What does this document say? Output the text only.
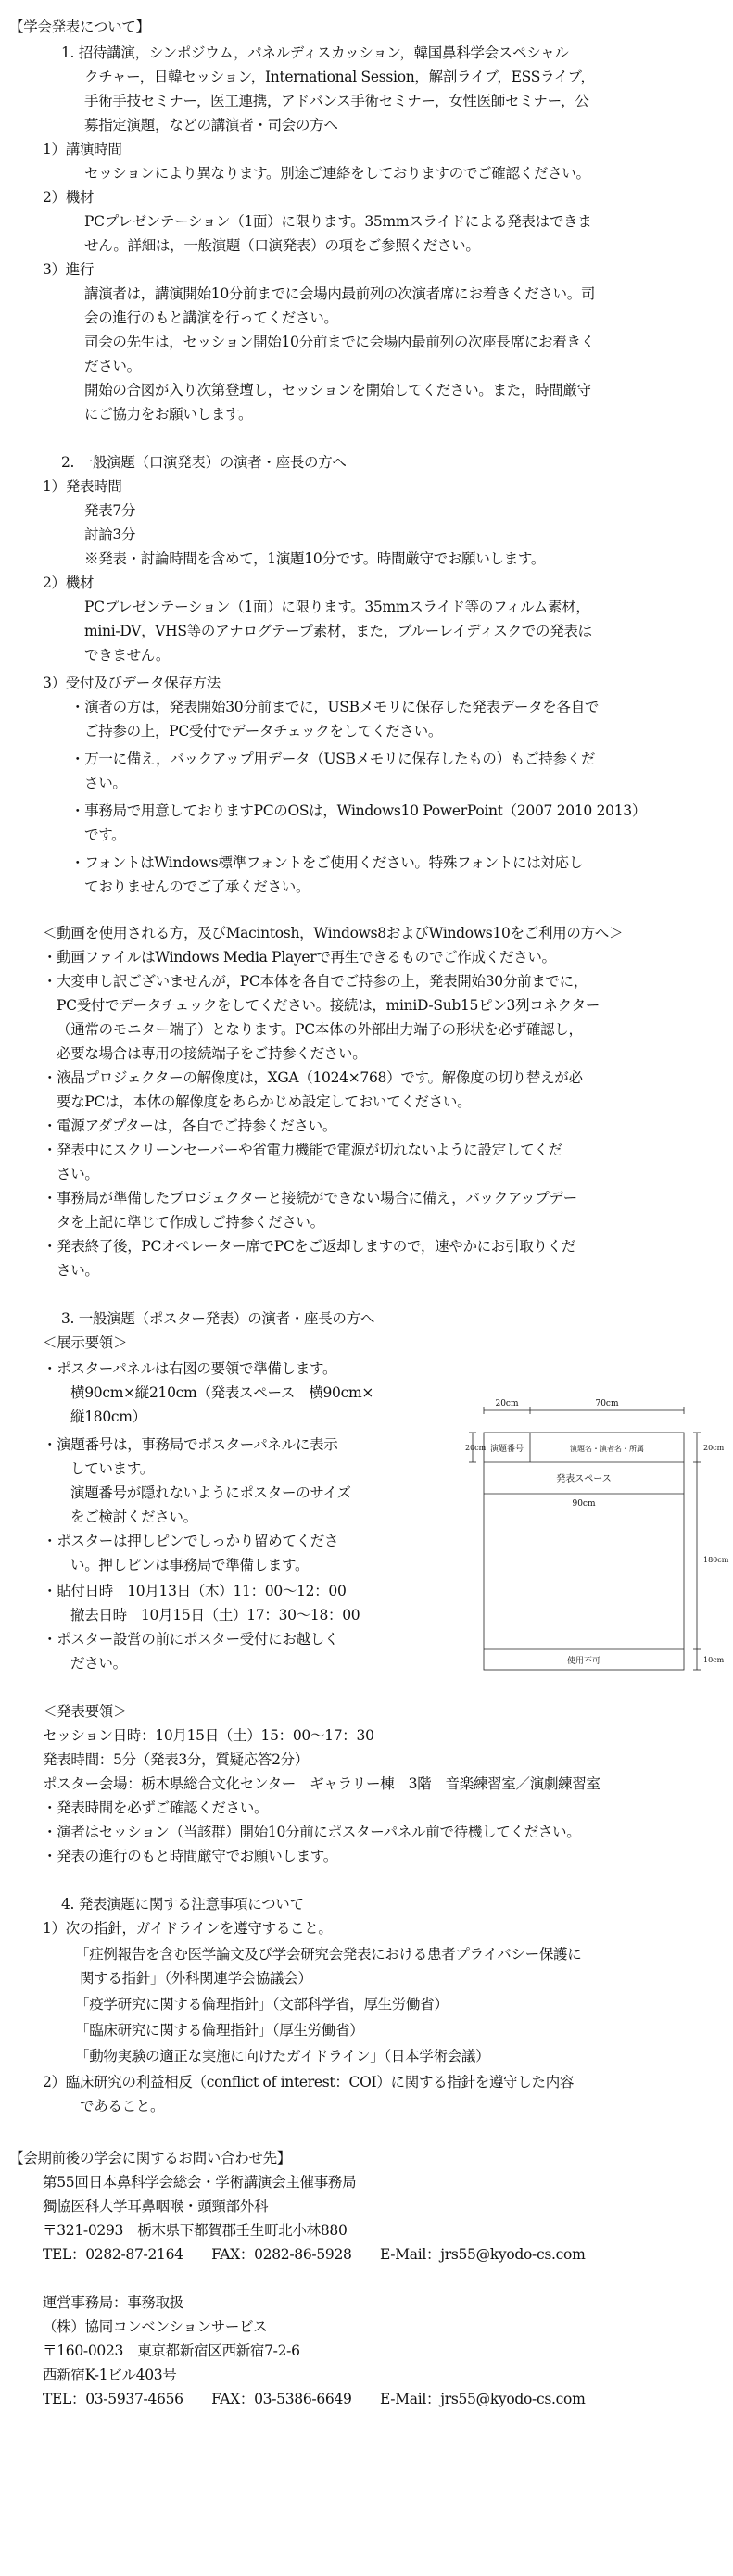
【学会発表について】
1. 招待講演，シンポジウム，パネルディスカッション，韓国鼻科学会スペシャル
クチャー，日韓セッション，International Session，解剖ライブ，ESSライブ，
手術手技セミナー，医工連携，アドバンス手術セミナー，女性医師セミナー，公
募指定演題，などの講演者・司会の方へ
1）講演時間
セッションにより異なります。別途ご連絡をしておりますのでご確認ください。
2）機材
PCプレゼンテーション（1面）に限ります。35mmスライドによる発表はできま
せん。詳細は，一般演題（口演発表）の項をご参照ください。
3）進行
講演者は，講演開始10分前までに会場内最前列の次演者席にお着きください。司
会の進行のもと講演を行ってください。
司会の先生は，セッション開始10分前までに会場内最前列の次座長席にお着きく
ださい。
開始の合図が入り次第登壇し，セッションを開始してください。また，時間厳守
にご協力をお願いします。
2. 一般演題（口演発表）の演者・座長の方へ
1）発表時間
発表7分
討論3分
※発表・討論時間を含めて，1演題10分です。時間厳守でお願いします。
2）機材
PCプレゼンテーション（1面）に限ります。35mmスライド等のフィルム素材，
mini-DV，VHS等のアナログテープ素材，また，ブルーレイディスクでの発表は
できません。
3）受付及びデータ保存方法
・演者の方は，発表開始30分前までに，USBメモリに保存した発表データを各自で
ご持参の上，PC受付でデータチェックをしてください。
・万一に備え，バックアップ用データ（USBメモリに保存したもの）もご持参くだ
さい。
・事務局で用意しておりますPCのOSは，Windows10 PowerPoint（2007 2010 2013）
です。
・フォントはWindows標準フォントをご使用ください。特殊フォントには対応し
ておりませんのでご了承ください。
＜動画を使用される方，及びMacintosh，Windows8およびWindows10をご利用の方へ＞
・動画ファイルはWindows Media Playerで再生できるものでご作成ください。
・大変申し訳ございませんが，PC本体を各自でご持参の上，発表開始30分前までに，
PC受付でデータチェックをしてください。接続は，miniD-Sub15ピン3列コネクター
（通常のモニター端子）となります。PC本体の外部出力端子の形状を必ず確認し，
必要な場合は専用の接続端子をご持参ください。
・液晶プロジェクターの解像度は，XGA（1024×768）です。解像度の切り替えが必
要なPCは，本体の解像度をあらかじめ設定しておいてください。
・電源アダプターは，各自でご持参ください。
・発表中にスクリーンセーバーや省電力機能で電源が切れないように設定してくだ
さい。
・事務局が準備したプロジェクターと接続ができない場合に備え，バックアップデー
タを上記に準じて作成しご持参ください。
・発表終了後，PCオペレーター席でPCをご返却しますので，速やかにお引取りくだ
さい。
3. 一般演題（ポスター発表）の演者・座長の方へ
＜展示要領＞
・ポスターパネルは右図の要領で準備します。
横90cm×縦210cm（発表スペース　横90cm×
縦180cm）
・演題番号は，事務局でポスターパネルに表示
しています。
演題番号が隠れないようにポスターのサイズ
をご検討ください。
・ポスターは押しピンでしっかり留めてくださ
い。押しピンは事務局で準備します。
・貼付日時　10月13日（木）11：00～12：00
撤去日時　10月15日（土）17：30～18：00
・ポスター設営の前にポスター受付にお越しく
ださい。
＜発表要領＞
セッション日時：10月15日（土）15：00～17：30
発表時間：5分（発表3分，質疑応答2分）
ポスター会場：栃木県総合文化センター　ギャラリー棟　3階　音楽練習室／演劇練習室
・発表時間を必ずご確認ください。
・演者はセッション（当該群）開始10分前にポスターパネル前で待機してください。
・発表の進行のもと時間厳守でお願いします。
4. 発表演題に関する注意事項について
1）次の指針，ガイドラインを遵守すること。
「症例報告を含む医学論文及び学会研究会発表における患者プライバシー保護に
関する指針」（外科関連学会協議会）
「疫学研究に関する倫理指針」（文部科学省，厚生労働省）
「臨床研究に関する倫理指針」（厚生労働省）
「動物実験の適正な実施に向けたガイドライン」（日本学術会議）
2）臨床研究の利益相反（conflict of interest：COI）に関する指針を遵守した内容
であること。
【会期前後の学会に関するお問い合わせ先】
第55回日本鼻科学会総会・学術講演会主催事務局
獨協医科大学耳鼻咽喉・頭頸部外科
〒321-0293　栃木県下都賀郡壬生町北小林880
TEL：0282-87-2164　　FAX：0282-86-5928　　E-Mail：jrs55@kyodo-cs.com
運営事務局：事務取扱
（株）協同コンベンションサービス
〒160-0023　東京都新宿区西新宿7-2-6
西新宿K-1ビル403号
TEL：03-5937-4656　　FAX：03-5386-6649　　E-Mail：jrs55@kyodo-cs.com
20cm	70cm
20cm	20cm
演題番号	演題名・演者名・所属
発表スペース
90cm
180cm
使用不可	10cm
